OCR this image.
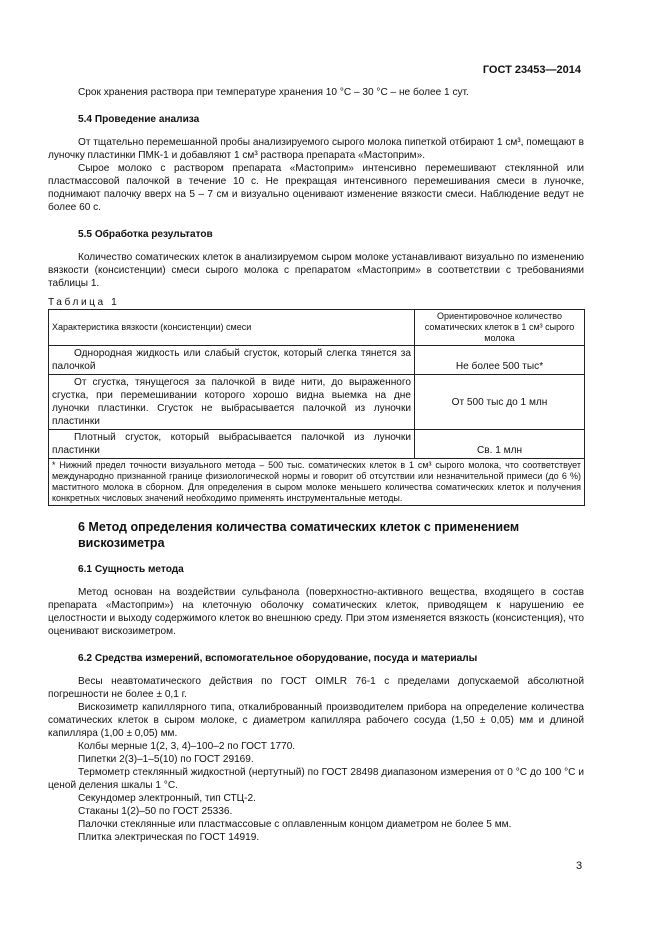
ГОСТ 23453—2014

Срок хранения раствора при температуре хранения 10 °С – 30 °С – не более 1 сут.

5.4 Проведение анализа

От тщательно перемешанной пробы анализируемого сырого молока пипеткой отбирают 1 см³, помещают в луночку пластинки ПМК-1 и добавляют 1 см³ раствора препарата «Мастоприм».

Сырое молоко с раствором препарата «Мастоприм» интенсивно перемешивают стеклянной или пластмассовой палочкой в течение 10 с. Не прекращая интенсивного перемешивания смеси в луночке, поднимают палочку вверх на 5 – 7 см и визуально оценивают изменение вязкости смеси. Наблюдение ведут не более 60 с.

5.5 Обработка результатов

Количество соматических клеток в анализируемом сыром молоке устанавливают визуально по изменению вязкости (консистенции) смеси сырого молока с препаратом «Мастоприм» в соответствии с требованиями таблицы 1.

Таблица 1

Характеристика вязкости (консистенции) смеси	Ориентировочное количество соматических клеток в 1 см³ сырого молока
Однородная жидкость или слабый сгусток, который слегка тянется за палочкой	Не более 500 тыс*
От сгустка, тянущегося за палочкой в виде нити, до выраженного сгустка, при перемешивании которого хорошо видна выемка на дне луночки пластинки. Сгусток не выбрасывается палочкой из луночки пластинки	От 500 тыс до 1 млн
Плотный сгусток, который выбрасывается палочкой из луночки пластинки	Св. 1 млн
* Нижний предел точности визуального метода – 500 тыс. соматических клеток в 1 см³ сырого молока, что соответствует международно признанной границе физиологической нормы и говорит об отсутствии или незначительной примеси (до 6 %) маститного молока в сборном. Для определения в сыром молоке меньшего количества соматических клеток и получения конкретных числовых значений необходимо применять инструментальные методы.	

6 Метод определения количества соматических клеток с применением вискозиметра

6.1 Сущность метода

Метод основан на воздействии сульфанола (поверхностно-активного вещества, входящего в состав препарата «Мастоприм») на клеточную оболочку соматических клеток, приводящем к нарушению ее целостности и выходу содержимого клеток во внешнюю среду. При этом изменяется вязкость (консистенция), что оценивают вискозиметром.

6.2 Средства измерений, вспомогательное оборудование, посуда и материалы

Весы неавтоматического действия по ГОСТ OIMLR 76-1 с пределами допускаемой абсолютной погрешности не более ± 0,1 г.

Вискозиметр капиллярного типа, откалиброванный производителем прибора на определение количества соматических клеток в сыром молоке, с диаметром капилляра рабочего сосуда (1,50 ± 0,05) мм и длиной капилляра (1,00 ± 0,05) мм.

Колбы мерные 1(2, 3, 4)–100–2 по ГОСТ 1770.

Пипетки 2(3)–1–5(10) по ГОСТ 29169.

Термометр стеклянный жидкостной (нертутный) по ГОСТ 28498 диапазоном измерения от 0 °С до 100 °С и ценой деления шкалы 1 °С.

Секундомер электронный, тип СТЦ-2.

Стаканы 1(2)–50 по ГОСТ 25336.

Палочки стеклянные или пластмассовые с оплавленным концом диаметром не более 5 мм.

Плитка электрическая по ГОСТ 14919.

3
